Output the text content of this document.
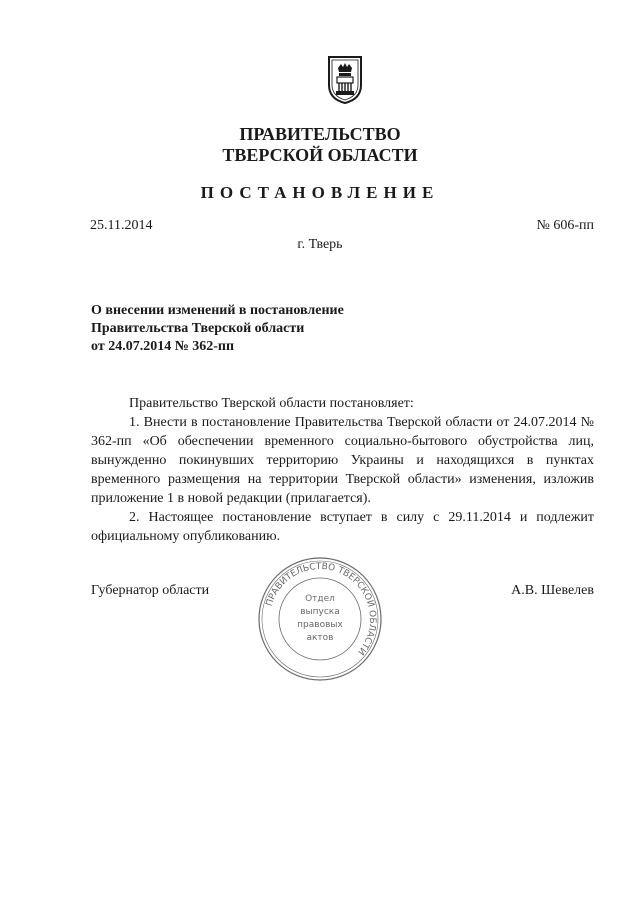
ПРАВИТЕЛЬСТВО
ТВЕРСКОЙ ОБЛАСТИ
ПОСТАНОВЛЕНИЕ
25.11.2014	№ 606-пп
г. Тверь
О внесении изменений в постановление
Правительства Тверской области
от 24.07.2014 № 362-пп

Правительство Тверской области постановляет:

1. Внести в постановление Правительства Тверской области от 24.07.2014 № 362-пп «Об обеспечении временного социально-бытового обустройства лиц, вынужденно покинувших территорию Украины и находящихся в пунктах временного размещения на территории Тверской области» изменения, изложив приложение 1 в новой редакции (прилагается).

2. Настоящее постановление вступает в силу с 29.11.2014 и подлежит официальному опубликованию.

Губернатор области	А.В. Шевелев
ПРАВИТЕЛЬСТВО ТВЕРСКОЙ ОБЛАСТИ
Отдел
выпуска
правовых
актов
